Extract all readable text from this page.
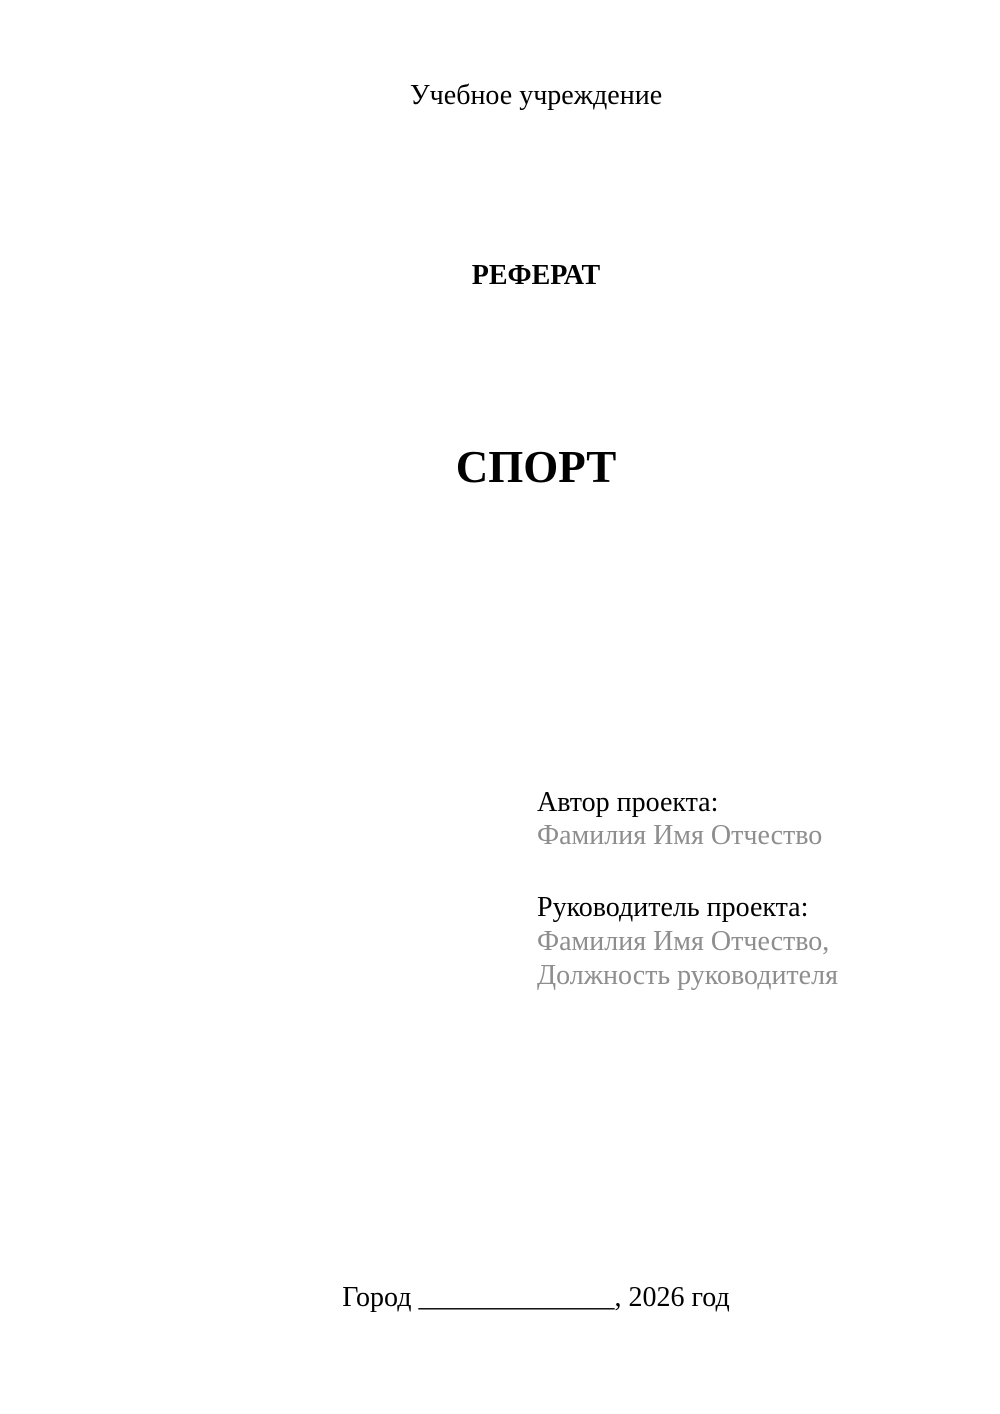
Учебное учреждение
РЕФЕРАТ
СПОРТ
Автор проекта:
Фамилия Имя Отчество
Руководитель проекта:
Фамилия Имя Отчество,
Должность руководителя
Город ______________, 2026 год
